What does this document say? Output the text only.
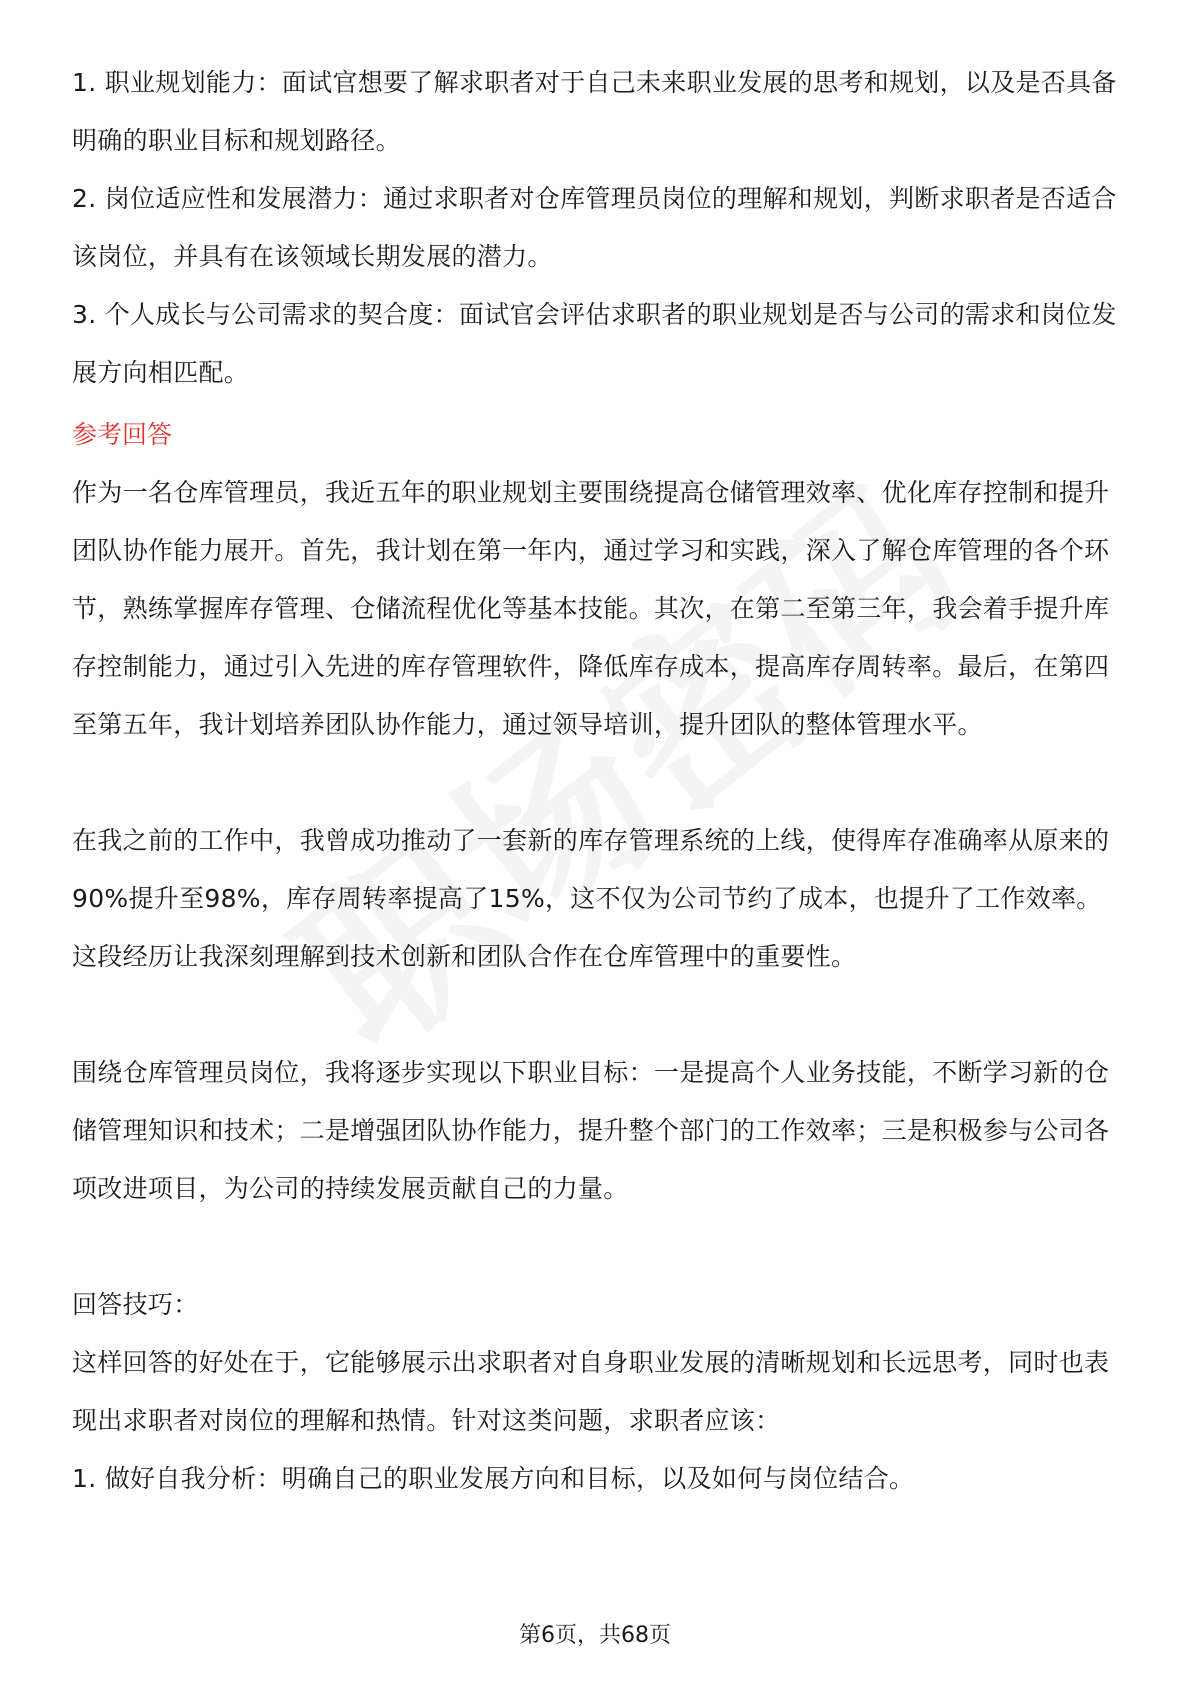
1. 职业规划能力：面试官想要了解求职者对于自己未来职业发展的思考和规划，以及是否具备明确的职业目标和规划路径。

2. 岗位适应性和发展潜力：通过求职者对仓库管理员岗位的理解和规划，判断求职者是否适合该岗位，并具有在该领域长期发展的潜力。

3. 个人成长与公司需求的契合度：面试官会评估求职者的职业规划是否与公司的需求和岗位发展方向相匹配。

参考回答

作为一名仓库管理员，我近五年的职业规划主要围绕提高仓储管理效率、优化库存控制和提升团队协作能力展开。首先，我计划在第一年内，通过学习和实践，深入了解仓库管理的各个环节，熟练掌握库存管理、仓储流程优化等基本技能。其次，在第二至第三年，我会着手提升库存控制能力，通过引入先进的库存管理软件，降低库存成本，提高库存周转率。最后，在第四至第五年，我计划培养团队协作能力，通过领导培训，提升团队的整体管理水平。

在我之前的工作中，我曾成功推动了一套新的库存管理系统的上线，使得库存准确率从原来的90%提升至98%，库存周转率提高了15%，这不仅为公司节约了成本，也提升了工作效率。这段经历让我深刻理解到技术创新和团队合作在仓库管理中的重要性。

围绕仓库管理员岗位，我将逐步实现以下职业目标：一是提高个人业务技能，不断学习新的仓储管理知识和技术；二是增强团队协作能力，提升整个部门的工作效率；三是积极参与公司各项改进项目，为公司的持续发展贡献自己的力量。

回答技巧：

这样回答的好处在于，它能够展示出求职者对自身职业发展的清晰规划和长远思考，同时也表现出求职者对岗位的理解和热情。针对这类问题，求职者应该：

1. 做好自我分析：明确自己的职业发展方向和目标，以及如何与岗位结合。

第6页，共68页
